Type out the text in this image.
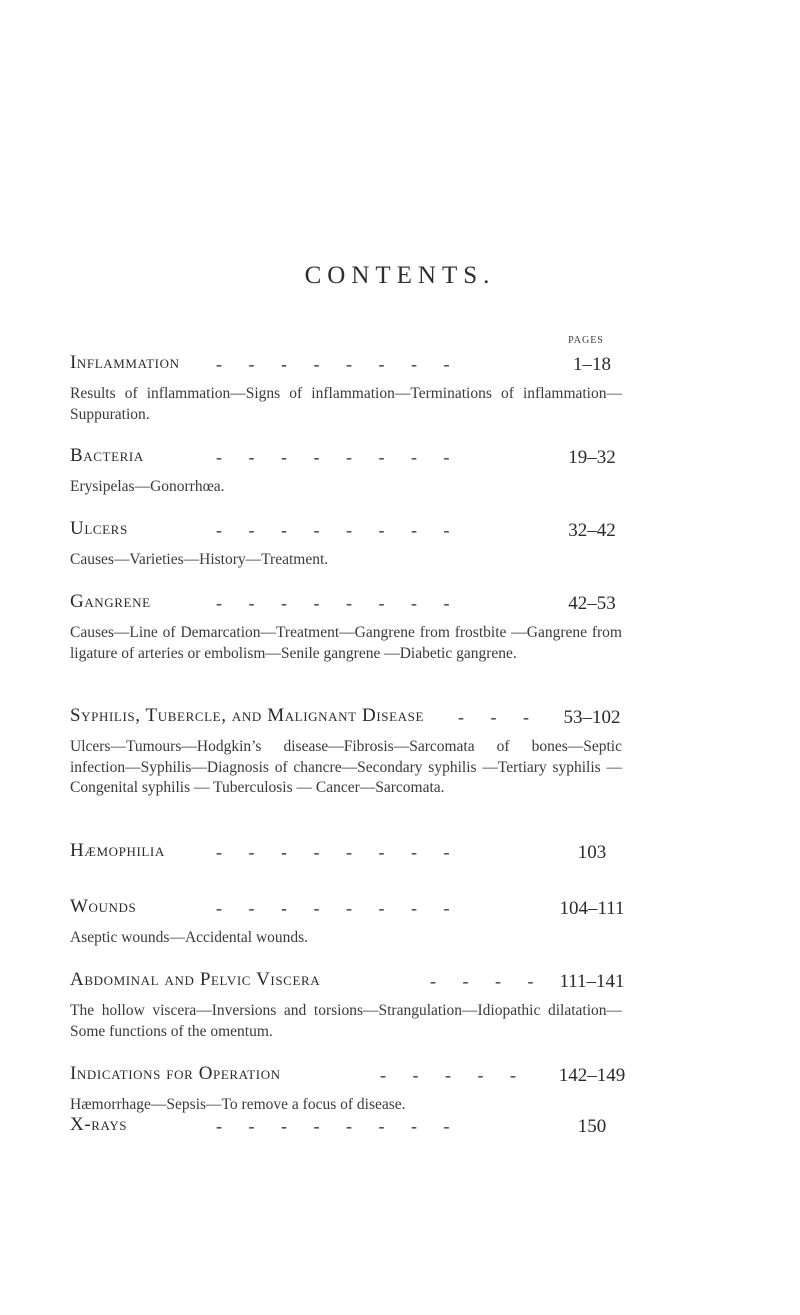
CONTENTS.
PAGES
Inflammation - - - - - - - -	1–18

Results of inflammation—Signs of inflammation—Terminations of inflammation—Suppuration.

Bacteria	- - - - - - - -	19–32

Erysipelas—Gonorrhœa.

Ulcers	- - - - - - - -	32–42

Causes—Varieties—History—Treatment.

Gangrene	- - - - - - - -	42–53

Causes—Line of Demarcation—Treatment—Gangrene from frostbite —Gangrene from ligature of arteries or embolism—Senile gangrene —Diabetic gangrene.

Syphilis, Tubercle, and Malignant Disease - - -	53–102

Ulcers—Tumours—Hodgkin’s disease—Fibrosis—Sarcomata of bones—Septic infection—Syphilis—Diagnosis of chancre—Secondary syphilis —Tertiary syphilis — Congenital syphilis — Tuberculosis — Cancer—Sarcomata.

Hæmophilia	- - - - - - - -	103
Wounds	- - - - - - - -	104–111

Aseptic wounds—Accidental wounds.

Abdominal and Pelvic Viscera	- - - -	111–141

The hollow viscera—Inversions and torsions—Strangulation—Idiopathic dilatation—Some functions of the omentum.

Indications for Operation	- - - - -	142–149

Hæmorrhage—Sepsis—To remove a focus of disease.

X-rays	- - - - - - - -	150
